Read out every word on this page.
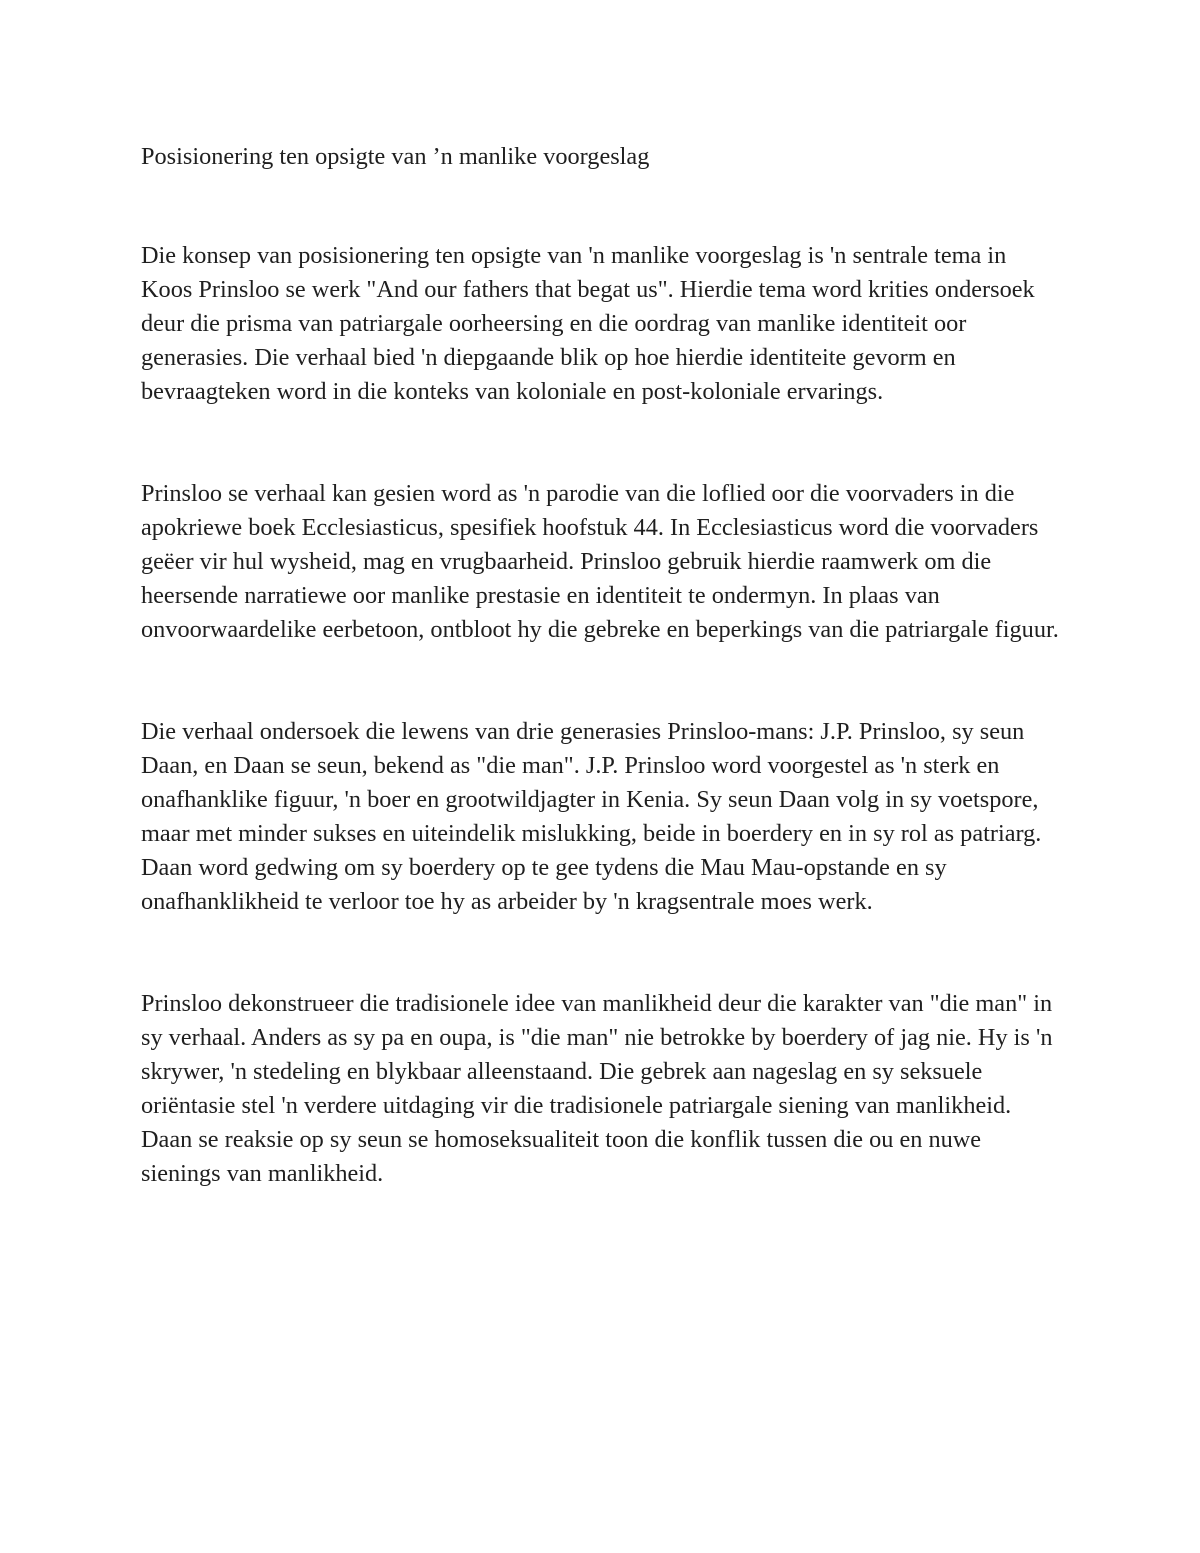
Posisionering ten opsigte van ’n manlike voorgeslag

Die konsep van posisionering ten opsigte van 'n manlike voorgeslag is 'n sentrale tema in Koos Prinsloo se werk "And our fathers that begat us". Hierdie tema word krities ondersoek deur die prisma van patriargale oorheersing en die oordrag van manlike identiteit oor generasies. Die verhaal bied 'n diepgaande blik op hoe hierdie identiteite gevorm en bevraagteken word in die konteks van koloniale en post-koloniale ervarings.

Prinsloo se verhaal kan gesien word as 'n parodie van die loflied oor die voorvaders in die apokriewe boek Ecclesiasticus, spesifiek hoofstuk 44. In Ecclesiasticus word die voorvaders geëer vir hul wysheid, mag en vrugbaarheid. Prinsloo gebruik hierdie raamwerk om die heersende narratiewe oor manlike prestasie en identiteit te ondermyn. In plaas van onvoorwaardelike eerbetoon, ontbloot hy die gebreke en beperkings van die patriargale figuur.

Die verhaal ondersoek die lewens van drie generasies Prinsloo-mans: J.P. Prinsloo, sy seun Daan, en Daan se seun, bekend as "die man". J.P. Prinsloo word voorgestel as 'n sterk en onafhanklike figuur, 'n boer en grootwildjagter in Kenia. Sy seun Daan volg in sy voetspore, maar met minder sukses en uiteindelik mislukking, beide in boerdery en in sy rol as patriarg. Daan word gedwing om sy boerdery op te gee tydens die Mau Mau-opstande en sy onafhanklikheid te verloor toe hy as arbeider by 'n kragsentrale moes werk.

Prinsloo dekonstrueer die tradisionele idee van manlikheid deur die karakter van "die man" in sy verhaal. Anders as sy pa en oupa, is "die man" nie betrokke by boerdery of jag nie. Hy is 'n skrywer, 'n stedeling en blykbaar alleenstaand. Die gebrek aan nageslag en sy seksuele oriëntasie stel 'n verdere uitdaging vir die tradisionele patriargale siening van manlikheid. Daan se reaksie op sy seun se homoseksualiteit toon die konflik tussen die ou en nuwe sienings van manlikheid.
